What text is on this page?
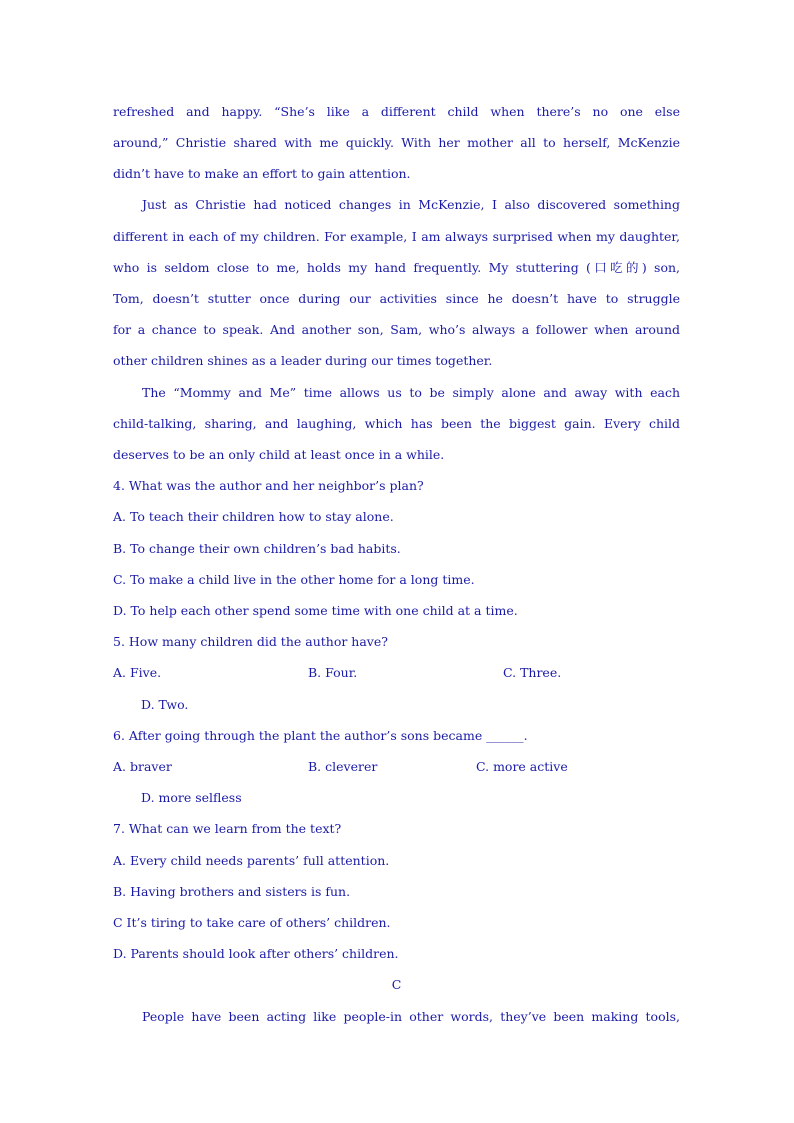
refreshed and happy. “She’s like a different child when there’s no one else
around,” Christie shared with me quickly. With her mother all to herself, McKenzie
didn’t have to make an effort to gain attention.
Just as Christie had noticed changes in McKenzie, I also discovered something
different in each of my children. For example, I am always surprised when my daughter,
who is seldom close to me, holds my hand frequently. My stuttering (口吃的) son,
Tom, doesn’t stutter once during our activities since he doesn’t have to struggle
for a chance to speak. And another son, Sam, who’s always a follower when around
other children shines as a leader during our times together.
The “Mommy and Me” time allows us to be simply alone and away with each
child-talking, sharing, and laughing, which has been the biggest gain. Every child
deserves to be an only child at least once in a while.
4. What was the author and her neighbor’s plan?
A. To teach their children how to stay alone.
B. To change their own children’s bad habits.
C. To make a child live in the other home for a long time.
D. To help each other spend some time with one child at a time.
5. How many children did the author have?
A. Five.	B. Four.	C. Three.
D. Two.
6. After going through the plant the author’s sons became ______.
A. braver	B. cleverer	C. more active
D. more selfless
7. What can we learn from the text?
A. Every child needs parents’ full attention.
B. Having brothers and sisters is fun.
C It’s tiring to take care of others’ children.
D. Parents should look after others’ children.
C
People have been acting like people-in other words, they’ve been making tools,
